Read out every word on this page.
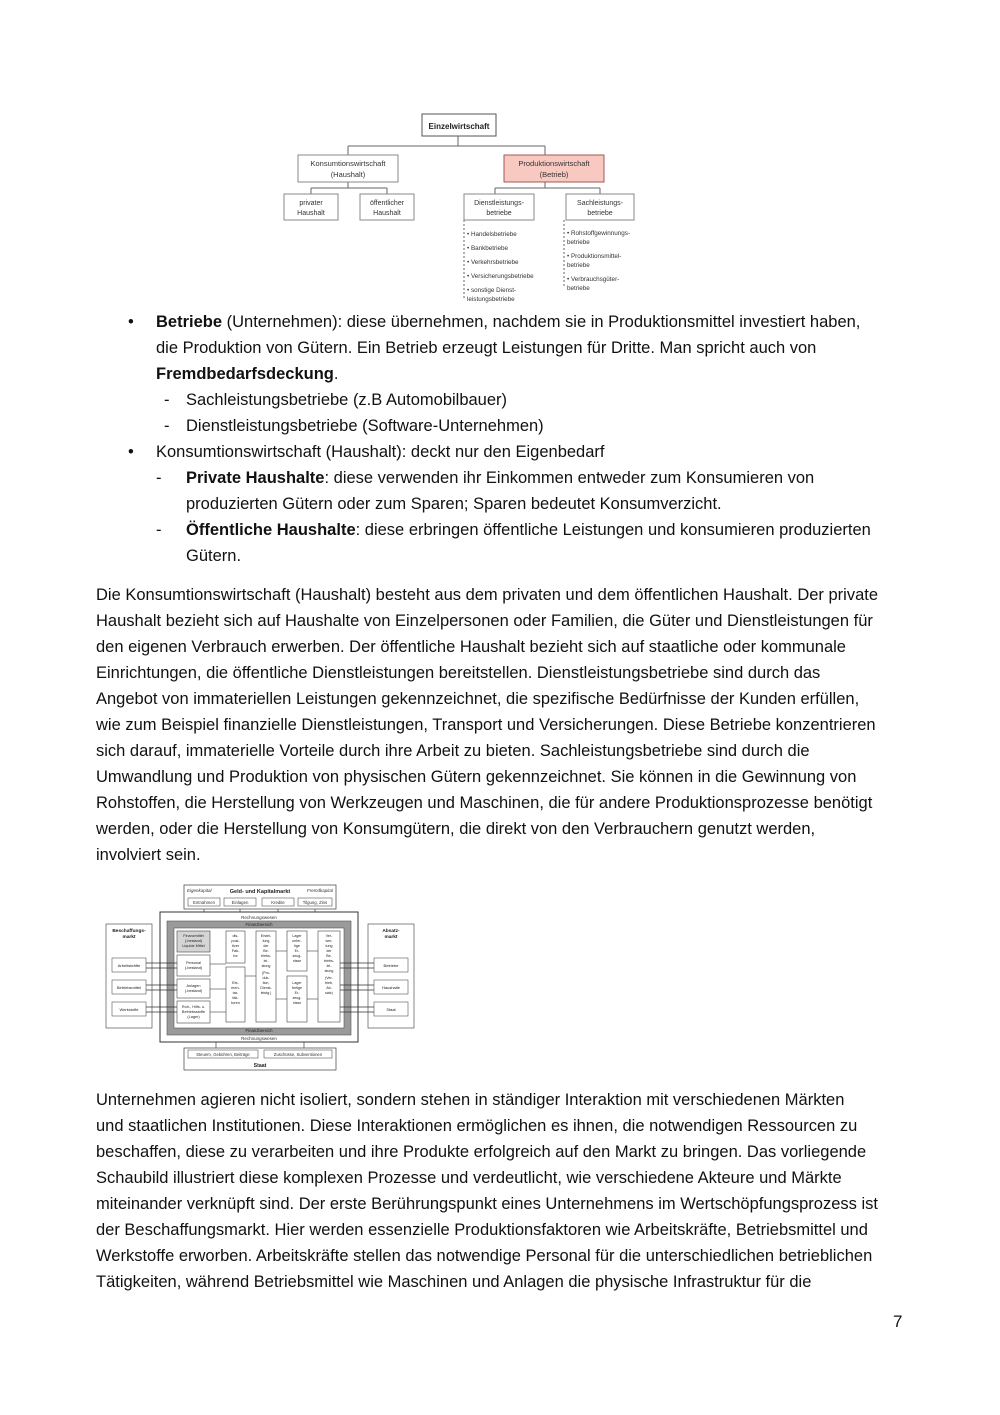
Einzelwirtschaft
Konsumtionswirtschaft
(Haushalt)
Produktionswirtschaft
(Betrieb)
privater
Haushalt
öffentlicher
Haushalt
Dienstleistungs-
betriebe
Sachleistungs-
betriebe
• Handelsbetriebe
• Bankbetriebe
• Verkehrsbetriebe
• Versicherungsbetriebe
• sonstige Dienst-
leistungsbetriebe
• Rohstoffgewinnungs-
betriebe
• Produktionsmittel-
betriebe
• Verbrauchsgüter-
betriebe
• Betriebe (Unternehmen): diese übernehmen, nachdem sie in Produktionsmittel investiert haben,
die Produktion von Gütern. Ein Betrieb erzeugt Leistungen für Dritte. Man spricht auch von
Fremdbedarfsdeckung.
- Sachleistungsbetriebe (z.B Automobilbauer)
- Dienstleistungsbetriebe (Software-Unternehmen)
• Konsumtionswirtschaft (Haushalt): deckt nur den Eigenbedarf
- Private Haushalte: diese verwenden ihr Einkommen entweder zum Konsumieren von
produzierten Gütern oder zum Sparen; Sparen bedeutet Konsumverzicht.
- Öffentliche Haushalte: diese erbringen öffentliche Leistungen und konsumieren produzierten
Gütern.
Die Konsumtionswirtschaft (Haushalt) besteht aus dem privaten und dem öffentlichen Haushalt. Der private
Haushalt bezieht sich auf Haushalte von Einzelpersonen oder Familien, die Güter und Dienstleistungen für
den eigenen Verbrauch erwerben. Der öffentliche Haushalt bezieht sich auf staatliche oder kommunale
Einrichtungen, die öffentliche Dienstleistungen bereitstellen. Dienstleistungsbetriebe sind durch das
Angebot von immateriellen Leistungen gekennzeichnet, die spezifische Bedürfnisse der Kunden erfüllen,
wie zum Beispiel finanzielle Dienstleistungen, Transport und Versicherungen. Diese Betriebe konzentrieren
sich darauf, immaterielle Vorteile durch ihre Arbeit zu bieten. Sachleistungsbetriebe sind durch die
Umwandlung und Produktion von physischen Gütern gekennzeichnet. Sie können in die Gewinnung von
Rohstoffen, die Herstellung von Werkzeugen und Maschinen, die für andere Produktionsprozesse benötigt
werden, oder die Herstellung von Konsumgütern, die direkt von den Verbrauchern genutzt werden,
involviert sein.
Eigenkapital	Geld- und Kapitalmarkt	Fremdkapital
Entnahmen	Einlagen	Kredite	Tilgung, Zins
Rechnungswesen
Finanzbereich
Finanzbereich
Rechnungswesen
Finanzmittel
(-bestand)
Liquide Mittel
Personal
(-bestand)
Anlagen
(-bestand)
Roh-, Hilfs- u.
Betriebsstoffe
(Lager)
dis-
posi-
tiver
Fak-
tor
Ele-
men-
tar-
fak-
toren
Erstel-
lung
der
Be-
triebs-
lei-
stung
(Pro-
duk-
tion,
Dienst-
leistg.)
Lager
unfer-
tige
Er-
zeug-
nisse
Lager
fertige
Er-
zeug-
nisse
Ver-
wer-
tung
der
Be-
triebs-
lei-
stung
(Ver-
trieb,
Ab-
satz)
Beschaffungs-
markt
Arbeitskräfte
Betriebsmittel
Werkstoffe
Absatz-
markt
Betriebe
Haushalte
Staat
Steuern, Gebühren, Beiträge	Zuschüsse, Subventionen
Staat
Unternehmen agieren nicht isoliert, sondern stehen in ständiger Interaktion mit verschiedenen Märkten
und staatlichen Institutionen. Diese Interaktionen ermöglichen es ihnen, die notwendigen Ressourcen zu
beschaffen, diese zu verarbeiten und ihre Produkte erfolgreich auf den Markt zu bringen. Das vorliegende
Schaubild illustriert diese komplexen Prozesse und verdeutlicht, wie verschiedene Akteure und Märkte
miteinander verknüpft sind. Der erste Berührungspunkt eines Unternehmens im Wertschöpfungsprozess ist
der Beschaffungsmarkt. Hier werden essenzielle Produktionsfaktoren wie Arbeitskräfte, Betriebsmittel und
Werkstoffe erworben. Arbeitskräfte stellen das notwendige Personal für die unterschiedlichen betrieblichen
Tätigkeiten, während Betriebsmittel wie Maschinen und Anlagen die physische Infrastruktur für die
7
